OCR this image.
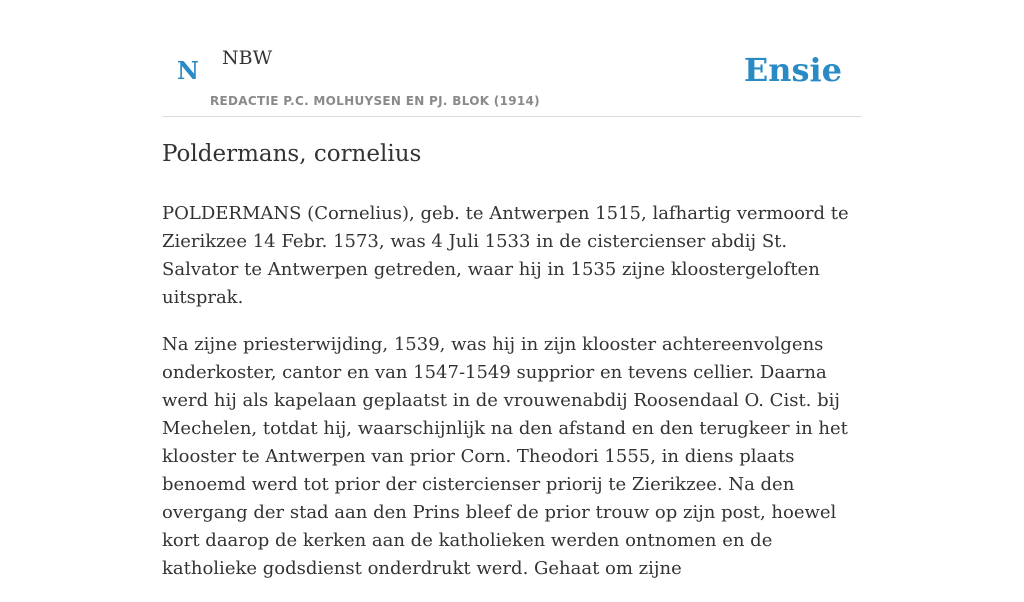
N NBW
REDACTIE P.C. MOLHUYSEN EN PJ. BLOK (1914)
Ensie
Poldermans, cornelius

POLDERMANS (Cornelius), geb. te Antwerpen 1515, lafhartig vermoord te Zierikzee 14 Febr. 1573, was 4 Juli 1533 in de cistercienser abdij St. Salvator te Antwerpen getreden, waar hij in 1535 zijne kloostergeloften uitsprak.

Na zijne priesterwijding, 1539, was hij in zijn klooster achtereenvolgens onderkoster, cantor en van 1547-1549 supprior en tevens cellier. Daarna werd hij als kapelaan geplaatst in de vrouwenabdij Roosendaal O. Cist. bij Mechelen, totdat hij, waarschijnlijk na den afstand en den terugkeer in het klooster te Antwerpen van prior Corn. Theodori 1555, in diens plaats benoemd werd tot prior der cistercienser priorij te Zierikzee. Na den overgang der stad aan den Prins bleef de prior trouw op zijn post, hoewel kort daarop de kerken aan de katholieken werden ontnomen en de katholieke godsdienst onderdrukt werd. Gehaat om zijne
